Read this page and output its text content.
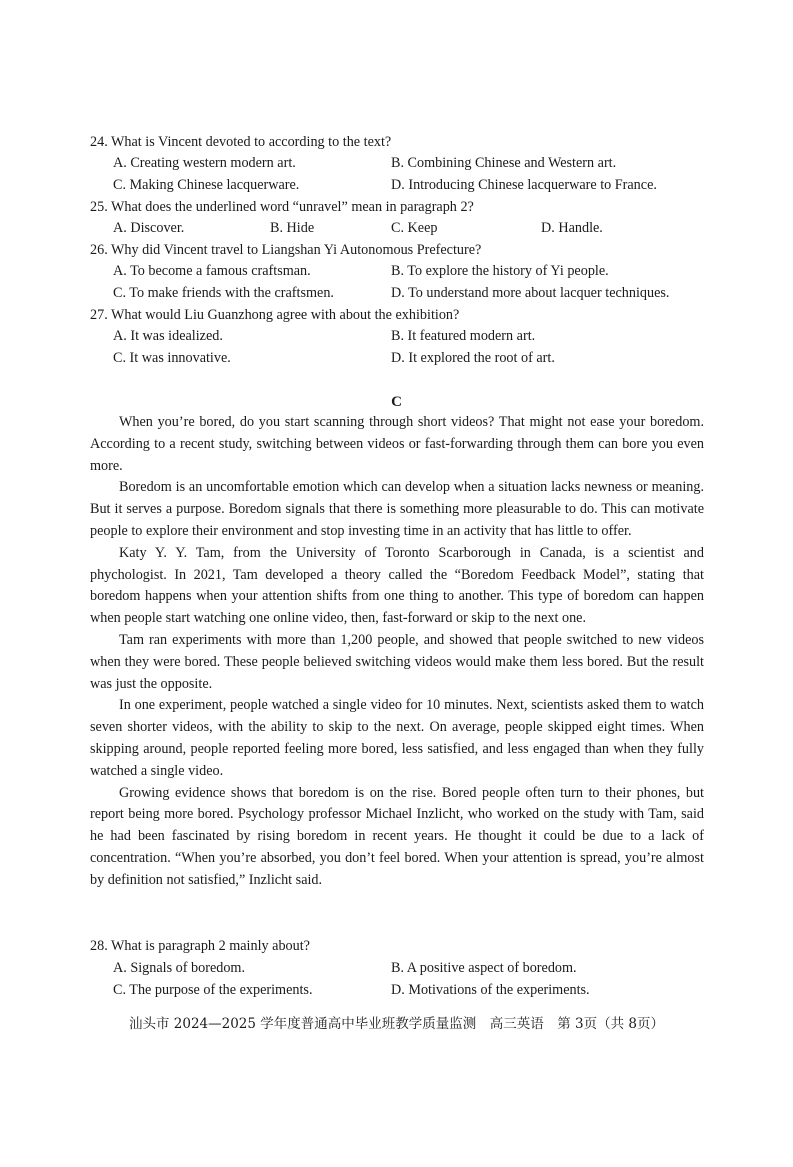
24. What is Vincent devoted to according to the text?
A. Creating western modern art.	B. Combining Chinese and Western art.
C. Making Chinese lacquerware.	D. Introducing Chinese lacquerware to France.
25. What does the underlined word “unravel” mean in paragraph 2?
A. Discover.	B. Hide	C. Keep	D. Handle.
26. Why did Vincent travel to Liangshan Yi Autonomous Prefecture?
A. To become a famous craftsman.	B. To explore the history of Yi people.
C. To make friends with the craftsmen.	D. To understand more about lacquer techniques.
27. What would Liu Guanzhong agree with about the exhibition?
A. It was idealized.	B. It featured modern art.
C. It was innovative.	D. It explored the root of art.
C

When you’re bored, do you start scanning through short videos? That might not ease your boredom. According to a recent study, switching between videos or fast-forwarding through them can bore you even more.

Boredom is an uncomfortable emotion which can develop when a situation lacks newness or meaning. But it serves a purpose. Boredom signals that there is something more pleasurable to do. This can motivate people to explore their environment and stop investing time in an activity that has little to offer.

Katy Y. Y. Tam, from the University of Toronto Scarborough in Canada, is a scientist and phychologist. In 2021, Tam developed a theory called the “Boredom Feedback Model”, stating that boredom happens when your attention shifts from one thing to another. This type of boredom can happen when people start watching one online video, then, fast-forward or skip to the next one.

Tam ran experiments with more than 1,200 people, and showed that people switched to new videos when they were bored. These people believed switching videos would make them less bored. But the result was just the opposite.

In one experiment, people watched a single video for 10 minutes. Next, scientists asked them to watch seven shorter videos, with the ability to skip to the next. On average, people skipped eight times. When skipping around, people reported feeling more bored, less satisfied, and less engaged than when they fully watched a single video.

Growing evidence shows that boredom is on the rise. Bored people often turn to their phones, but report being more bored. Psychology professor Michael Inzlicht, who worked on the study with Tam, said he had been fascinated by rising boredom in recent years. He thought it could be due to a lack of concentration. “When you’re absorbed, you don’t feel bored. When your attention is spread, you’re almost by definition not satisfied,” Inzlicht said.

28. What is paragraph 2 mainly about?
A. Signals of boredom.	B. A positive aspect of boredom.
C. The purpose of the experiments.	D. Motivations of the experiments.
汕头市 2024—2025 学年度普通高中毕业班教学质量监测　高三英语　第 3页（共 8页）
